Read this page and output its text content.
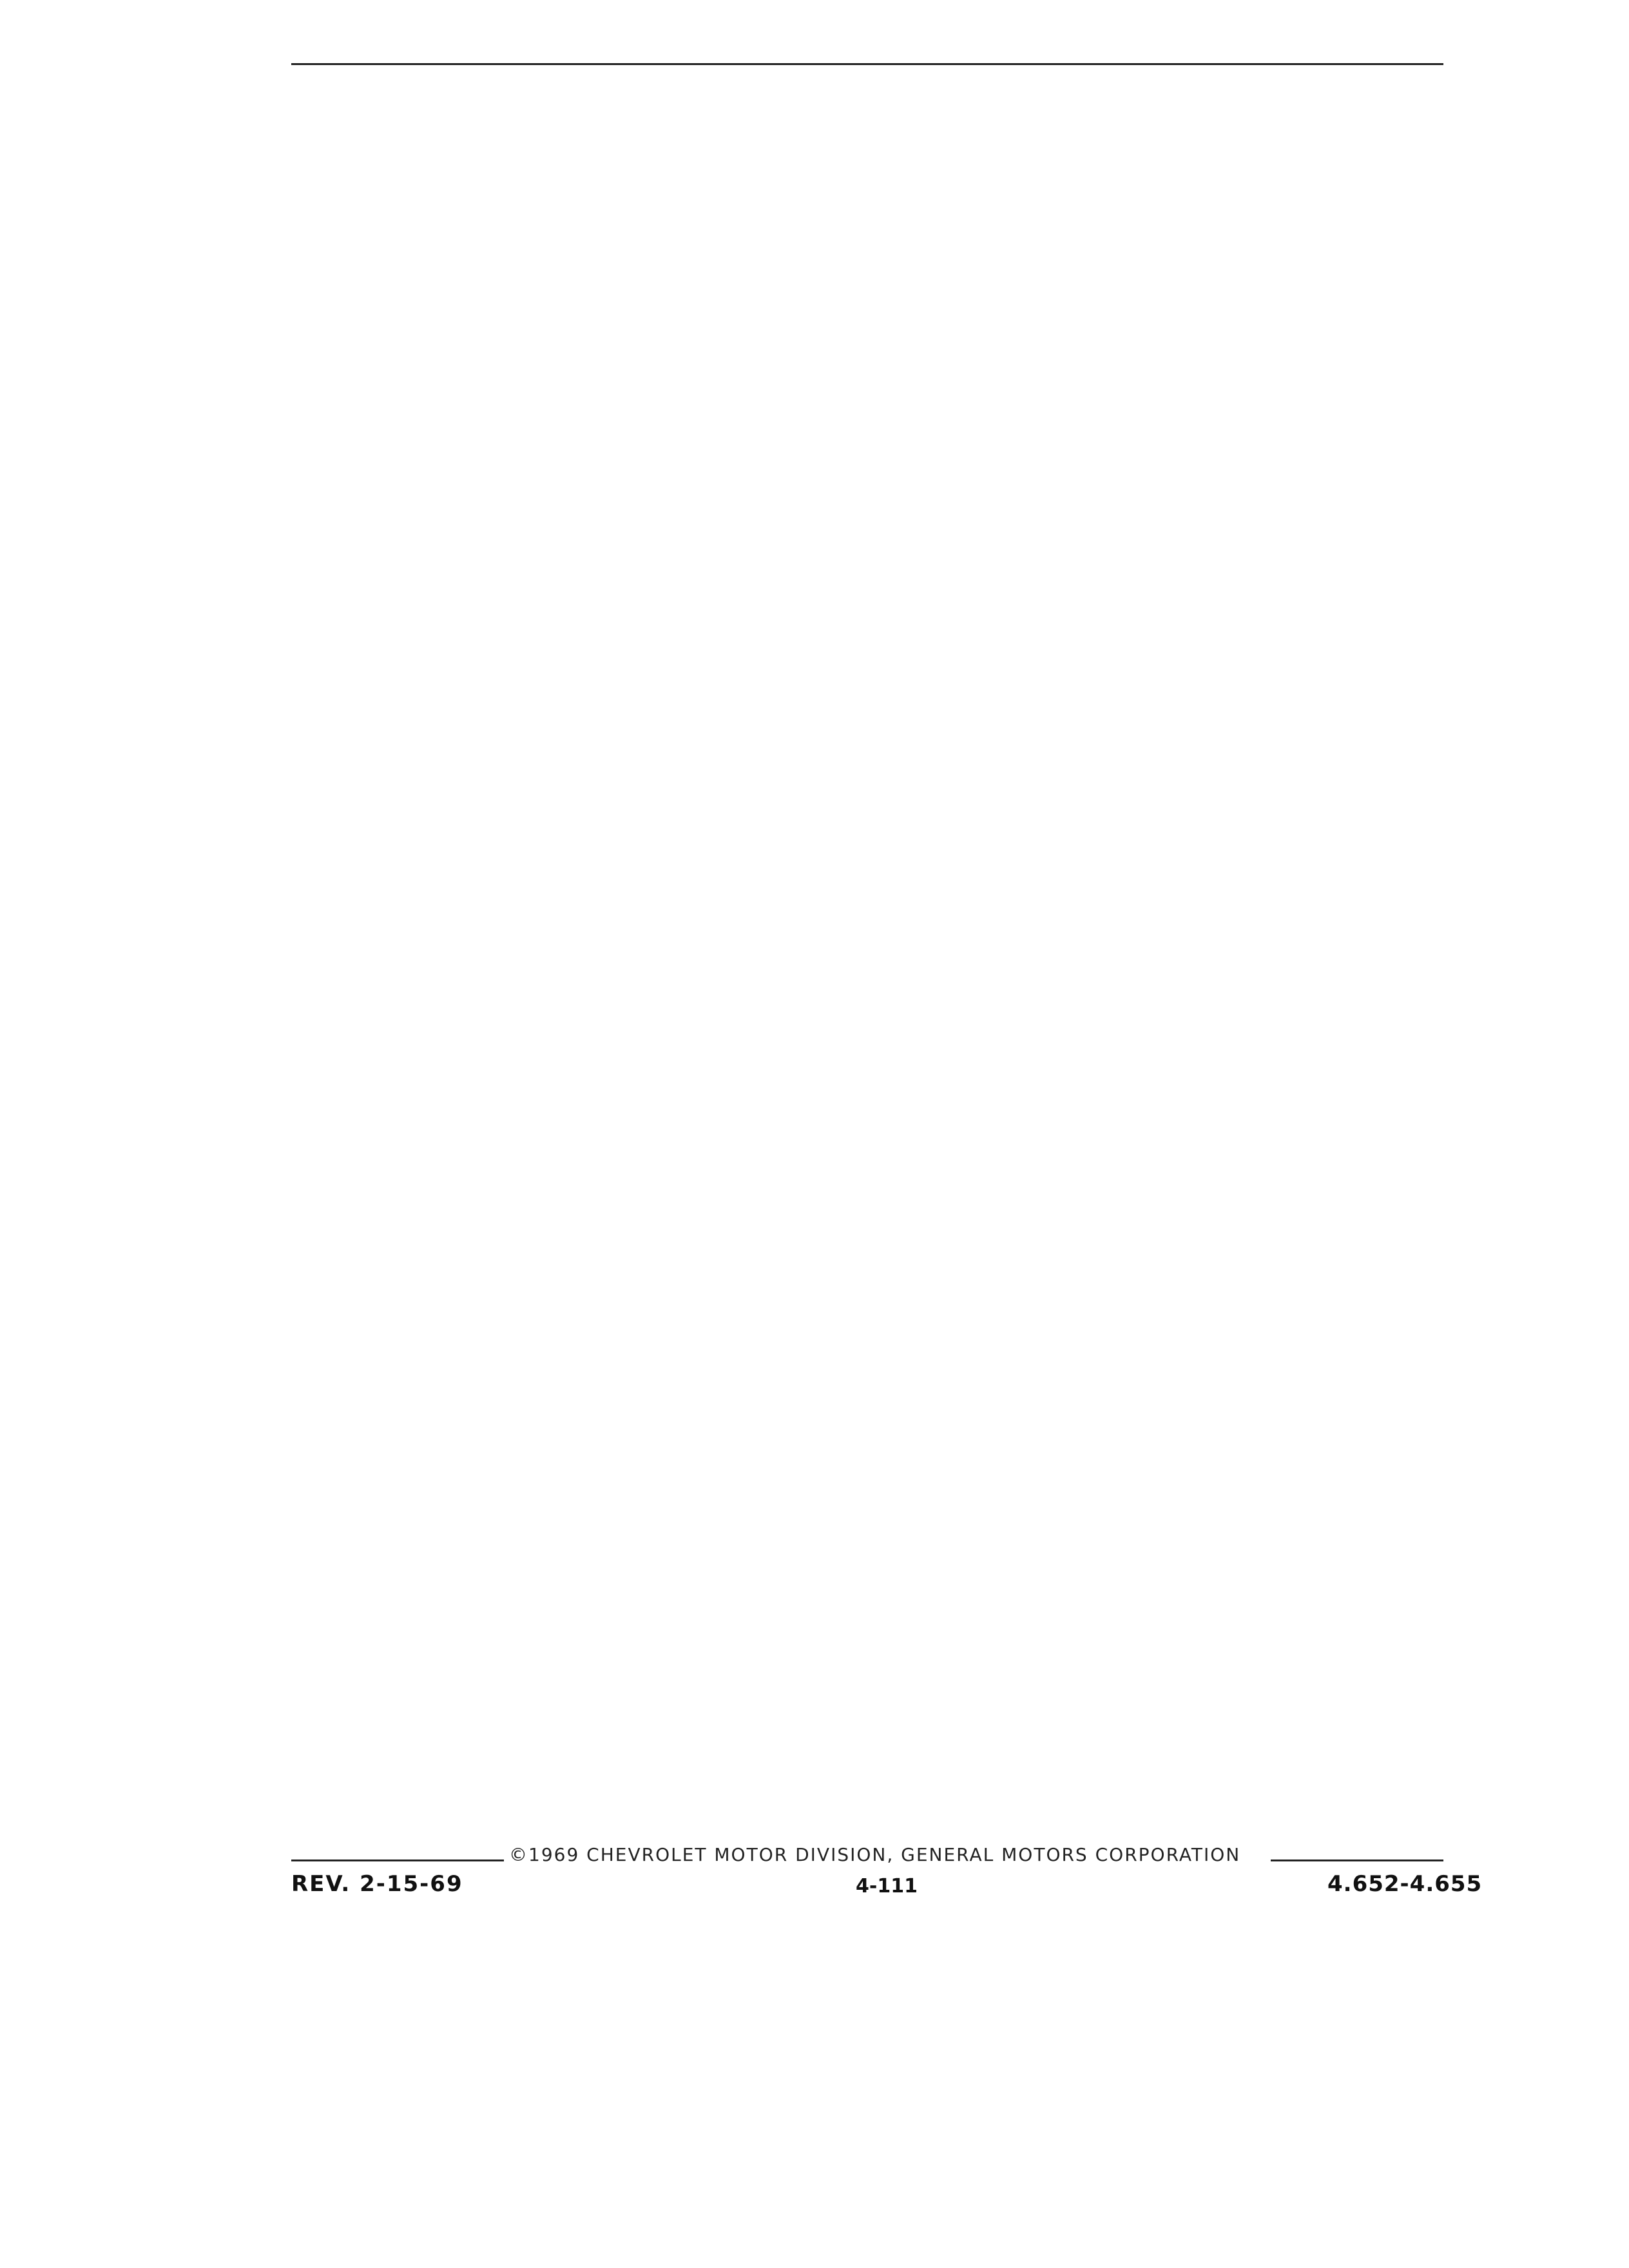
©1969 CHEVROLET MOTOR DIVISION, GENERAL MOTORS CORPORATION
REV. 2-15-69	4-111	4.652-4.655
